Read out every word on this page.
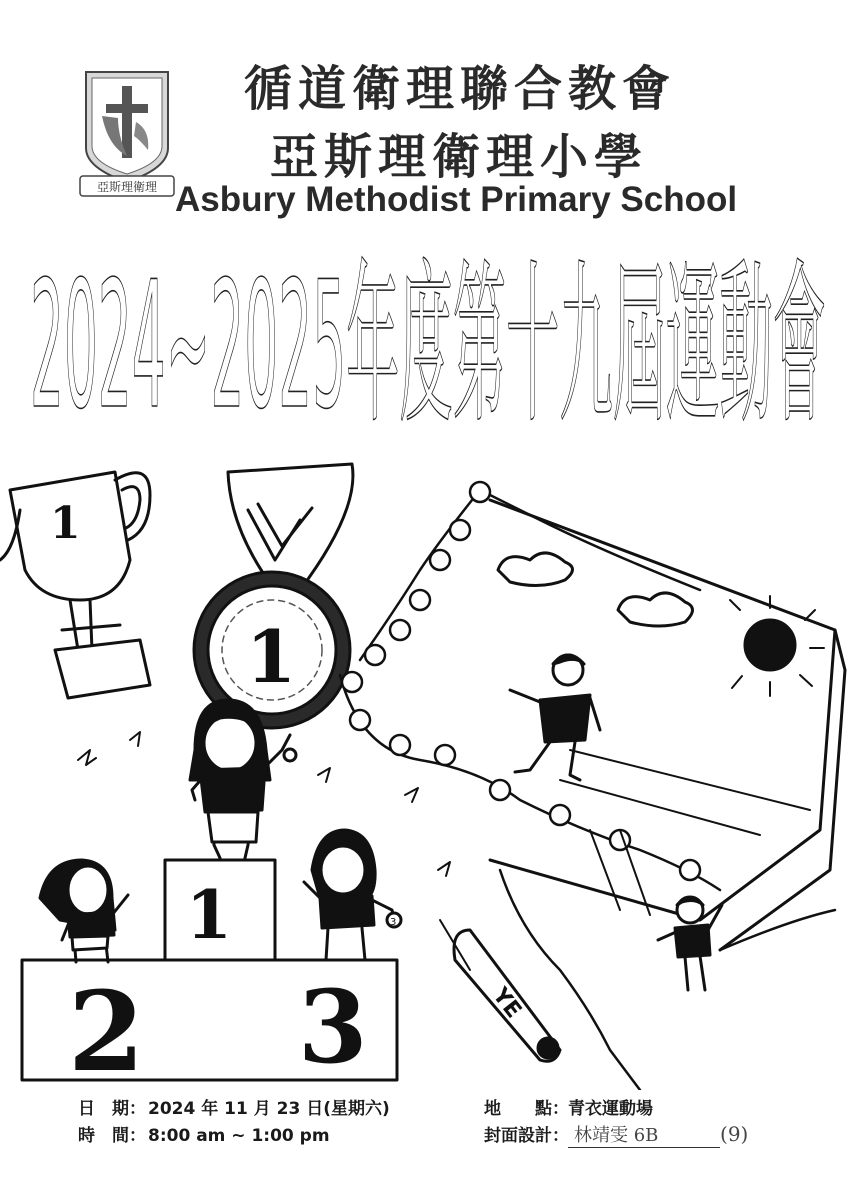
亞斯理衛理
循道衛理聯合教會
亞斯理衛理小學
Asbury Methodist Primary School
2024~2025年度第十九屆運動會
1
1
1
2 3
3
YE
日　期： 2024 年 11 月 23 日(星期六)
時　間： 8:00 am ~ 1:00 pm
地　　點：青衣運動場
封面設計： 林靖雯 6B	(9)
